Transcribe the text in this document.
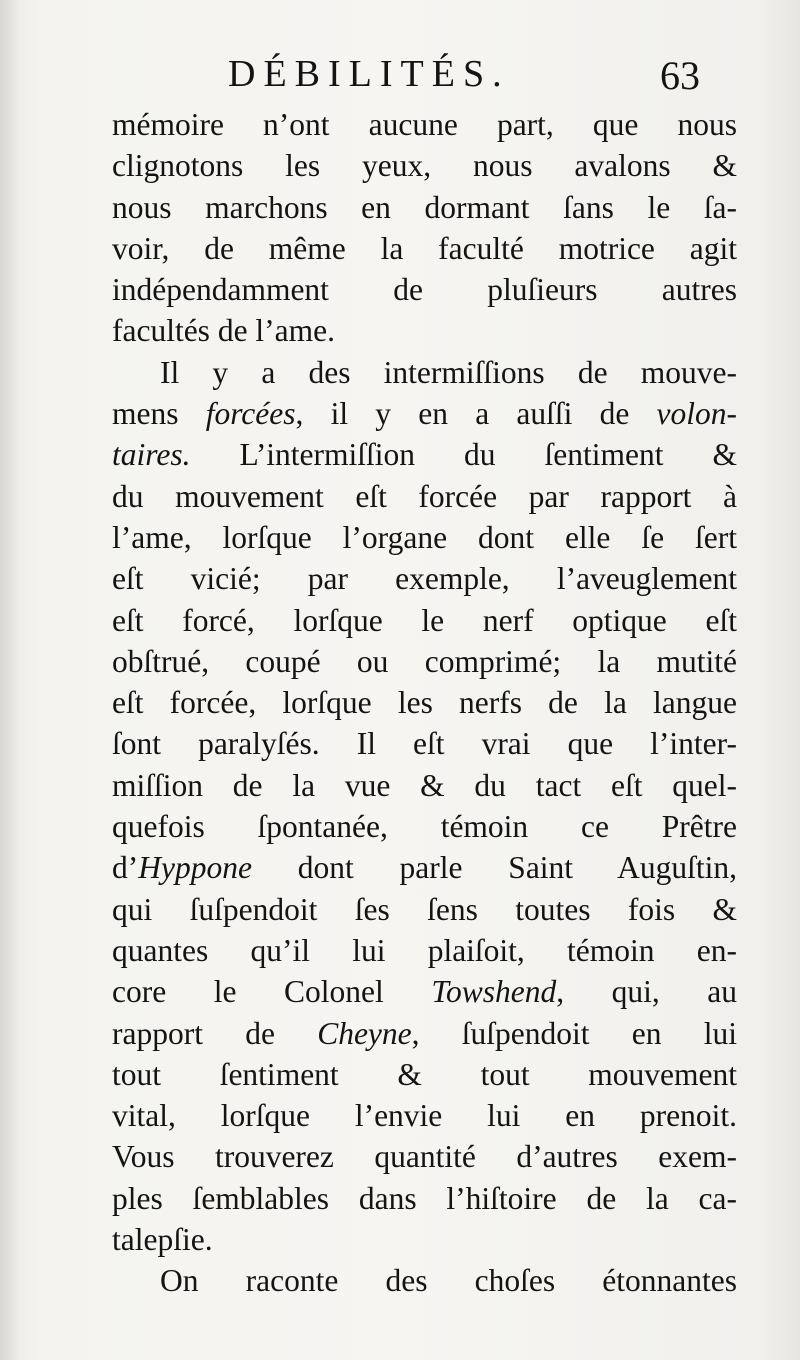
DÉBILITÉS.	63
mémoire n’ont aucune part, que nous
clignotons les yeux, nous avalons &
nous marchons en dormant ſans le ſa-
voir, de même la faculté motrice agit
indépendamment de pluſieurs autres
facultés de l’ame.
Il y a des intermiſſions de mouve-
mens forcées, il y en a auſſi de volon-
taires. L’intermiſſion du ſentiment &
du mouvement eſt forcée par rapport à
l’ame, lorſque l’organe dont elle ſe ſert
eſt vicié; par exemple, l’aveuglement
eſt forcé, lorſque le nerf optique eſt
obſtrué, coupé ou comprimé; la mutité
eſt forcée, lorſque les nerfs de la langue
ſont paralyſés. Il eſt vrai que l’inter-
miſſion de la vue & du tact eſt quel-
quefois ſpontanée, témoin ce Prêtre
d’Hyppone dont parle Saint Auguſtin,
qui ſuſpendoit ſes ſens toutes fois &
quantes qu’il lui plaiſoit, témoin en-
core le Colonel Towshend, qui, au
rapport de Cheyne, ſuſpendoit en lui
tout ſentiment & tout mouvement
vital, lorſque l’envie lui en prenoit.
Vous trouverez quantité d’autres exem-
ples ſemblables dans l’hiſtoire de la ca-
talepſie.
On raconte des choſes étonnantes
